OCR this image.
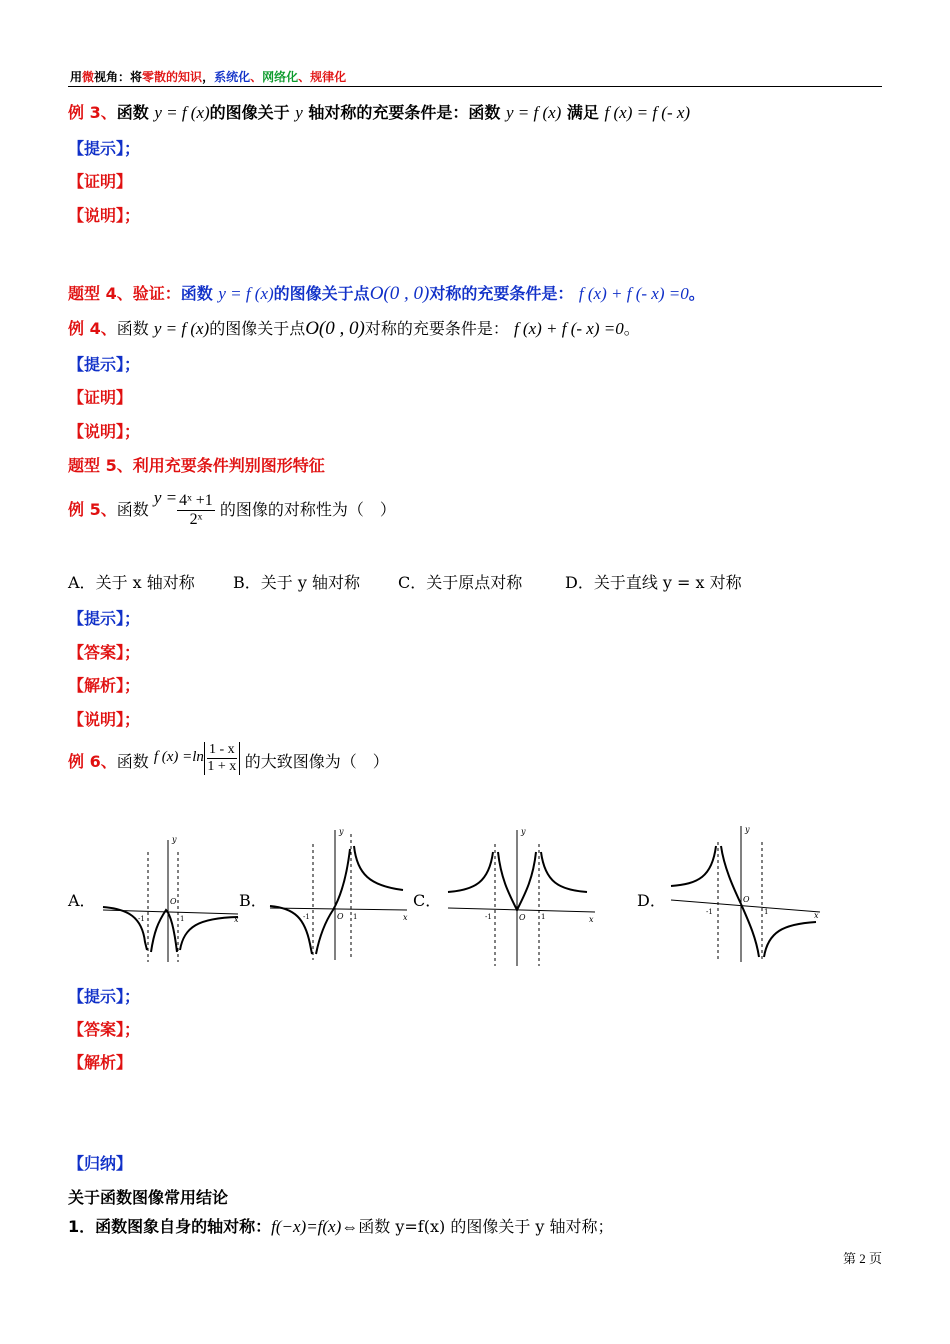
用微视角：将零散的知识，系统化、网络化、规律化
例 3、函数 y = f (x)的图像关于 y 轴对称的充要条件是：函数 y = f (x) 满足 f (x) = f (- x)
【提示】；
【证明】
【说明】；
题型 4、验证：函数 y = f (x)的图像关于点O(0 , 0)对称的充要条件是： f (x) + f (- x) =0。
例 4、函数 y = f (x)的图像关于点O(0 , 0)对称的充要条件是： f (x) + f (- x) =0。
【提示】；
【证明】
【说明】；
题型 5、利用充要条件判别图形特征
例 5、函数 $y = \frac{\text{4ˣ +1}}{\text{2ˣ}}$ 的图像的对称性为（　）
A．关于 x 轴对称 B．关于 y 轴对称 C．关于原点对称	D．关于直线 y = x 对称
【提示】；
【答案】；
【解析】；
【说明】；
例 6、函数 f $(x) =\ln \frac{1 - x}{1 + x}$ 的大致图像为（　）
A．	B．	C．	D．
y
x
O
-1	1
y
x
O
-1	1
y
x
O
-1	1
y
x
O
-1	1
【提示】；
【答案】；
【解析】
【归纳】
关于函数图像常用结论
1．函数图象自身的轴对称：f(−x)=f(x)⇔函数 y=f(x) 的图像关于 y 轴对称；
第 2 页
